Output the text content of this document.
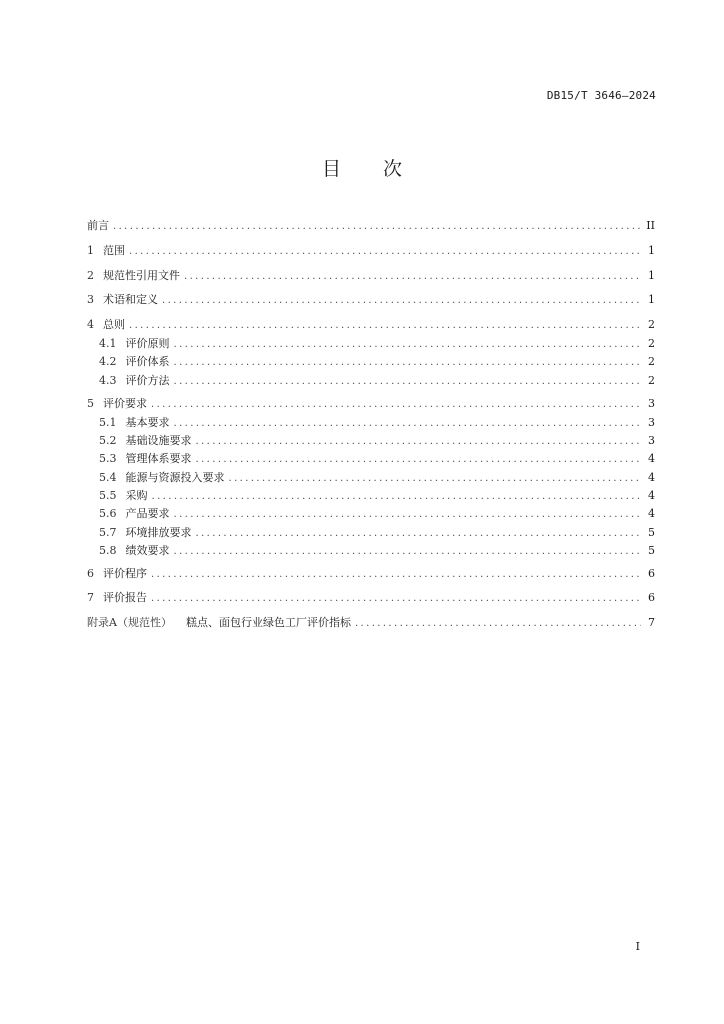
DB15/T 3646—2024
目 次
前言 .....	II
1 范围 .....	1
2 规范性引用文件 .....	1
3 术语和定义 .....	1
4 总则 .....	2
4.1 评价原则 .....	2
4.2 评价体系 .....	2
4.3 评价方法 .....	2
5 评价要求 .....	3
5.1 基本要求 .....	3
5.2 基础设施要求 .....	3
5.3 管理体系要求 .....	4
5.4 能源与资源投入要求 .....	4
5.5 采购 .....	4
5.6 产品要求 .....	4
5.7 环境排放要求 .....	5
5.8 绩效要求 .....	5
6 评价程序 .....	6
7 评价报告 .....	6
附录A（规范性） 糕点、面包行业绿色工厂评价指标 .....	7
I
